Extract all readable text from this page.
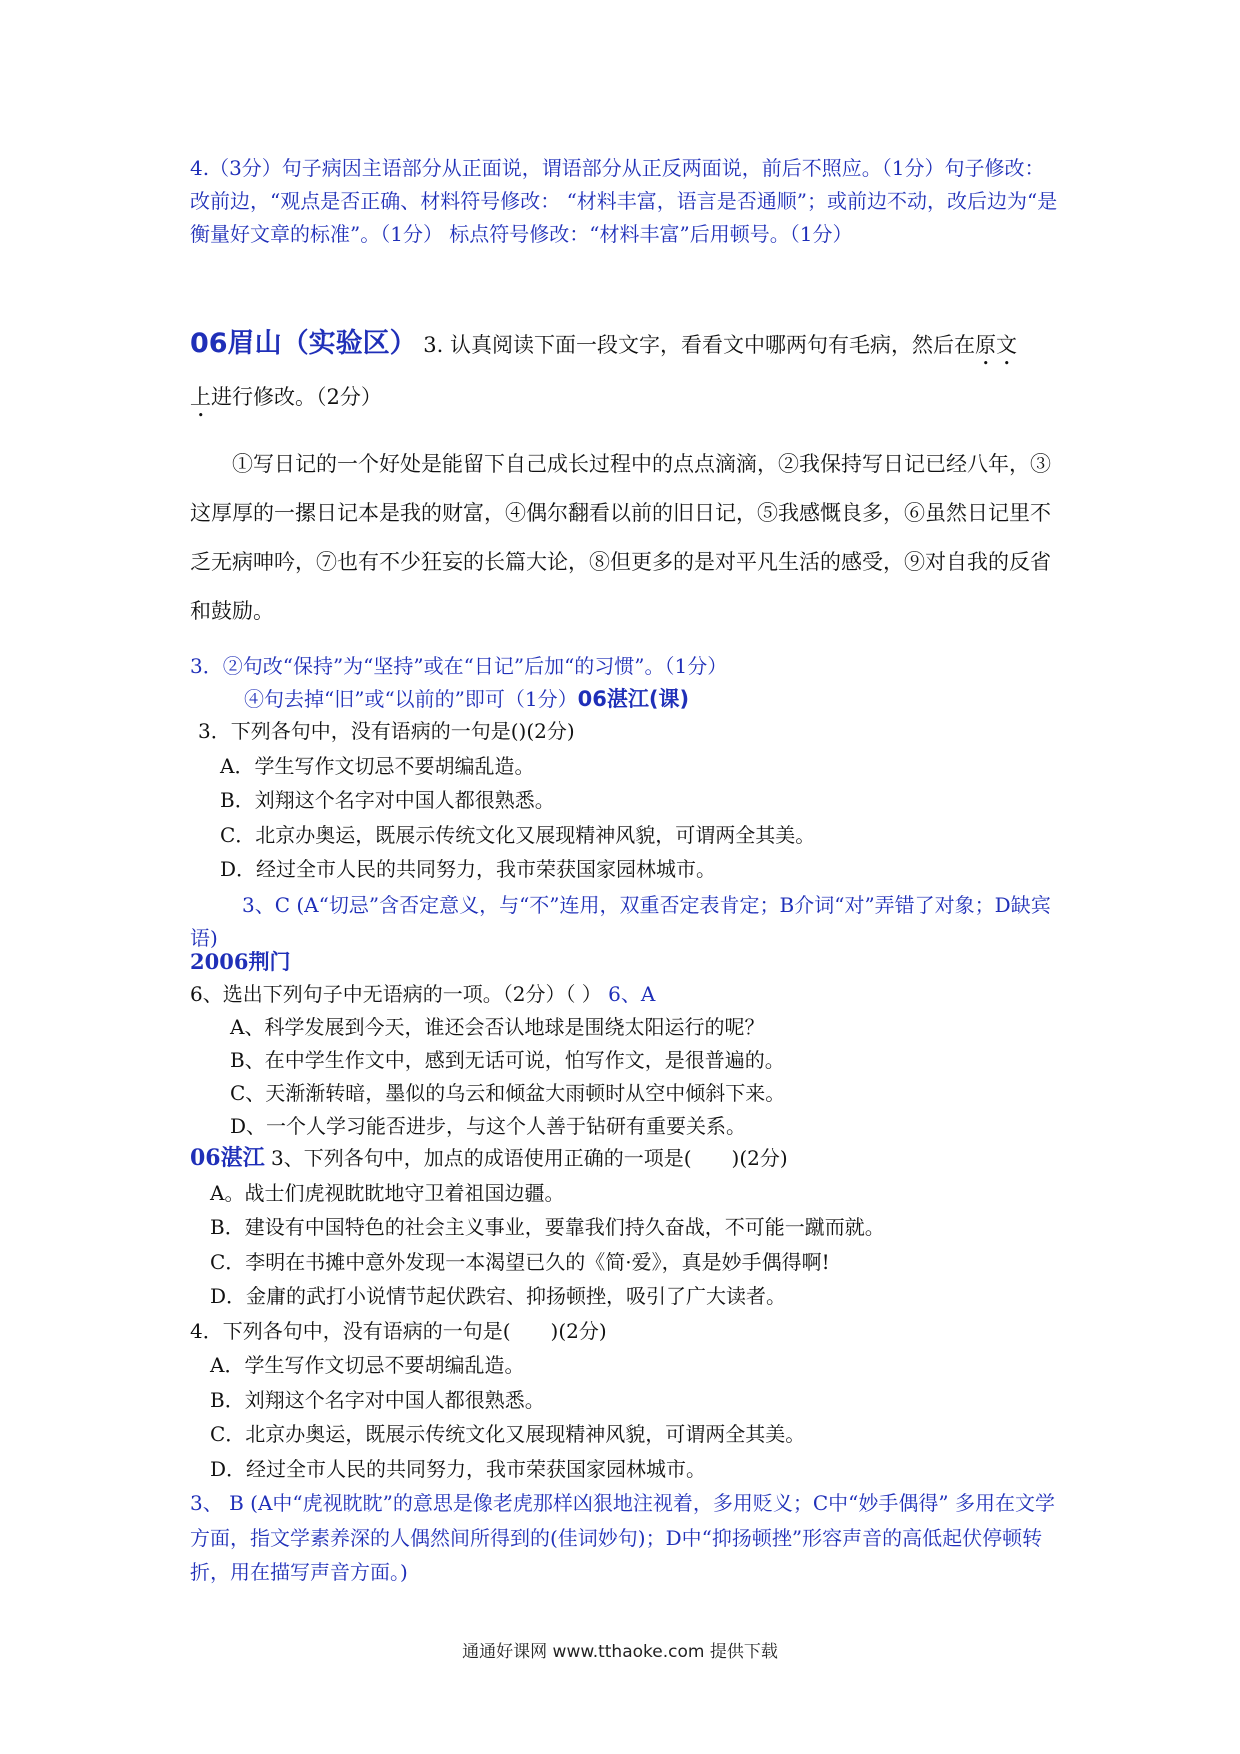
4.（3分）句子病因主语部分从正面说，谓语部分从正反两面说，前后不照应。（1分）句子修改：改前边，“观点是否正确、材料符号修改： “材料丰富，语言是否通顺”；或前边不动，改后边为“是衡量好文章的标准”。（1分） 标点符号修改：“材料丰富”后用顿号。（1分）

06眉山（实验区） 3. 认真阅读下面一段文字，看看文中哪两句有毛病，然后在原文
上进行修改。（2分）

①写日记的一个好处是能留下自己成长过程中的点点滴滴，②我保持写日记已经八年，③这厚厚的一摞日记本是我的财富，④偶尔翻看以前的旧日记，⑤我感慨良多，⑥虽然日记里不乏无病呻吟，⑦也有不少狂妄的长篇大论，⑧但更多的是对平凡生活的感受，⑨对自我的反省和鼓励。

3．②句改“保持”为“坚持”或在“日记”后加“的习惯”。（1分）

④句去掉“旧”或“以前的”即可（1分）06湛江(课)

3．下列各句中，没有语病的一句是()(2分)

A．学生写作文切忌不要胡编乱造。

B．刘翔这个名字对中国人都很熟悉。

C．北京办奥运，既展示传统文化又展现精神风貌，可谓两全其美。

D．经过全市人民的共同努力，我市荣获国家园林城市。

3、C (A“切忌”含否定意义，与“不”连用，双重否定表肯定；B介词“对”弄错了对象；D缺宾语)

2006荆门

6、选出下列句子中无语病的一项。（2分）（ ） 6、A

A、科学发展到今天，谁还会否认地球是围绕太阳运行的呢？

B、在中学生作文中，感到无话可说，怕写作文，是很普遍的。

C、天渐渐转暗，墨似的乌云和倾盆大雨顿时从空中倾斜下来。

D、一个人学习能否进步，与这个人善于钻研有重要关系。

06湛江 3、下列各句中，加点的成语使用正确的一项是(　　)(2分)

A。战士们虎视眈眈地守卫着祖国边疆。

B．建设有中国特色的社会主义事业，要靠我们持久奋战，不可能一蹴而就。

C．李明在书摊中意外发现一本渴望已久的《简·爱》，真是妙手偶得啊!

D．金庸的武打小说情节起伏跌宕、抑扬顿挫，吸引了广大读者。

4．下列各句中，没有语病的一句是(　　)(2分)

A．学生写作文切忌不要胡编乱造。

B．刘翔这个名字对中国人都很熟悉。

C．北京办奥运，既展示传统文化又展现精神风貌，可谓两全其美。

D．经过全市人民的共同努力，我市荣获国家园林城市。

3、 B (A中“虎视眈眈”的意思是像老虎那样凶狠地注视着，多用贬义；C中“妙手偶得” 多用在文学方面，指文学素养深的人偶然间所得到的(佳词妙句)；D中“抑扬顿挫”形容声音的高低起伏停顿转折，用在描写声音方面。)

通通好课网 www.tthaoke.com 提供下载
